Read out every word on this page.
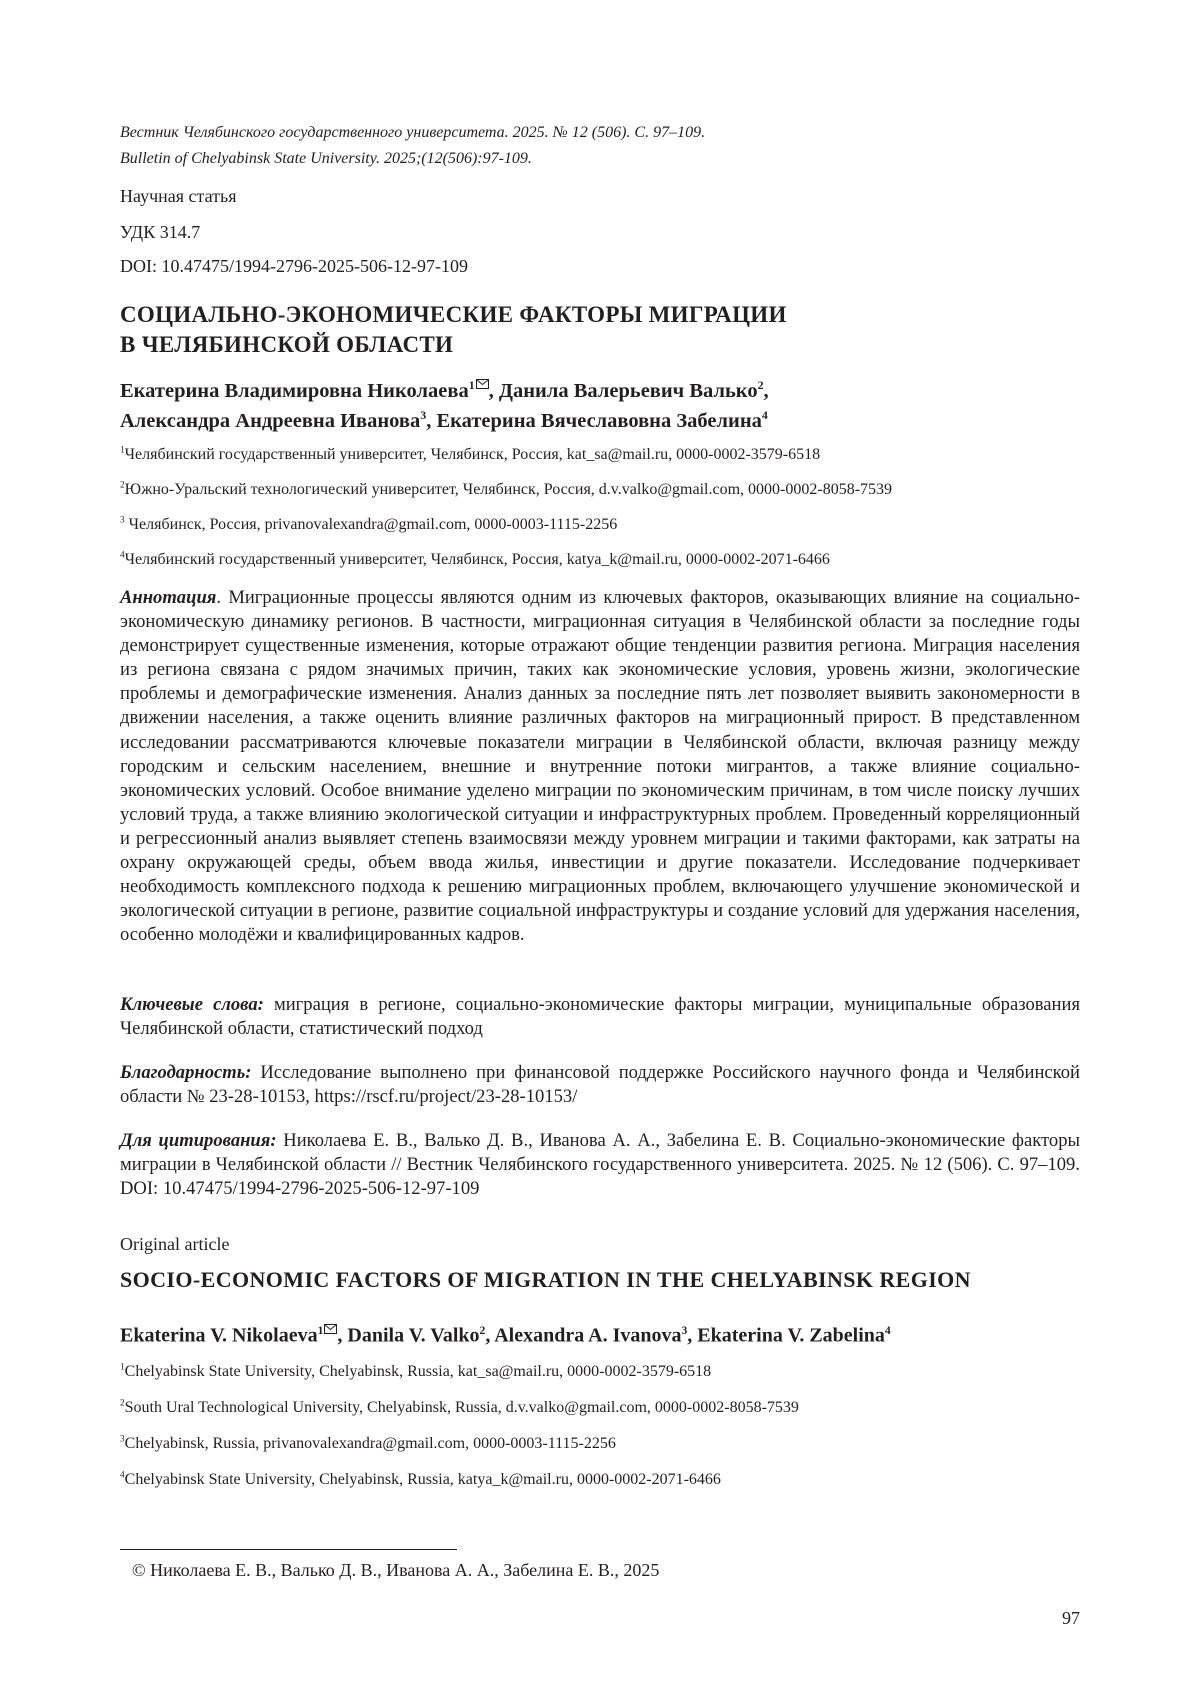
Вестник Челябинского государственного университета. 2025. № 12 (506). С. 97–109.
Bulletin of Chelyabinsk State University. 2025;(12(506):97-109.
Научная статья
УДК 314.7
DOI: 10.47475/1994-2796-2025-506-12-97-109
СОЦИАЛЬНО-ЭКОНОМИЧЕСКИЕ ФАКТОРЫ МИГРАЦИИ
В ЧЕЛЯБИНСКОЙ ОБЛАСТИ
Екатерина Владимировна Николаева$^1$ , Данила Валерьевич Валько$^2$,
Александра Андреевна Иванова$^3$, Екатерина Вячеславовна Забелина$^4$
$^1$Челябинский государственный университет, Челябинск, Россия, kat_sa@mail.ru, 0000-0002-3579-6518
$^2$Южно-Уральский технологический университет, Челябинск, Россия, d.v.valko@gmail.com, 0000-0002-8058-7539
$^3$ Челябинск, Россия, privanovalexandra@gmail.com, 0000-0003-1115-2256
$^4$Челябинский государственный университет, Челябинск, Россия, katya_k@mail.ru, 0000-0002-2071-6466
Аннотация. Миграционные процессы являются одним из ключевых факторов, оказывающих влияние на социально-экономическую динамику регионов. В частности, миграционная ситуация в Челябинской области за последние годы демонстрирует существенные изменения, которые отражают общие тенденции развития региона. Миграция населения из региона связана с рядом значимых причин, таких как экономические условия, уровень жизни, экологические проблемы и демографические изменения. Анализ данных за последние пять лет позволяет выявить закономерности в движении населения, а также оценить влияние различных факторов на миграционный прирост. В представленном исследовании рассматриваются ключевые показатели миграции в Челябинской области, включая разницу между городским и сельским населением, внешние и внутренние потоки мигрантов, а также влияние социально-экономических условий. Особое внимание уделено миграции по экономическим причинам, в том числе поиску лучших условий труда, а также влиянию экологической ситуации и инфраструктурных проблем. Проведенный корреляционный и регрессионный анализ выявляет степень взаимосвязи между уровнем миграции и такими факторами, как затраты на охрану окружающей среды, объем ввода жилья, инвестиции и другие показатели. Исследование подчеркивает необходимость комплексного подхода к решению миграционных проблем, включающего улучшение экономической и экологической ситуации в регионе, развитие социальной инфраструктуры и создание условий для удержания населения, особенно молодёжи и квалифицированных кадров.
Ключевые слова: миграция в регионе, социально-экономические факторы миграции, муниципальные образования Челябинской области, статистический подход
Благодарность: Исследование выполнено при финансовой поддержке Российского научного фонда и Челябинской области № 23-28-10153, https://rscf.ru/project/23-28-10153/
Для цитирования: Николаева Е. В., Валько Д. В., Иванова А. А., Забелина Е. В. Социально-экономические факторы миграции в Челябинской области // Вестник Челябинского государственного университета. 2025. № 12 (506). С. 97–109. DOI: 10.47475/1994-2796-2025-506-12-97-109
Original article
SOCIO-ECONOMIC FACTORS OF MIGRATION IN THE CHELYABINSK REGION
Ekaterina V. Nikolaeva$^1$ , Danila V. Valko$^2$, Alexandra A. Ivanova$^3$, Ekaterina V. Zabelina$^4$
$^1$Chelyabinsk State University, Chelyabinsk, Russia, kat_sa@mail.ru, 0000-0002-3579-6518
$^2$South Ural Technological University, Chelyabinsk, Russia, d.v.valko@gmail.com, 0000-0002-8058-7539
$^3$Chelyabinsk, Russia, privanovalexandra@gmail.com, 0000-0003-1115-2256
$^4$Chelyabinsk State University, Chelyabinsk, Russia, katya_k@mail.ru, 0000-0002-2071-6466
© Николаева Е. В., Валько Д. В., Иванова А. А., Забелина Е. В., 2025
97
